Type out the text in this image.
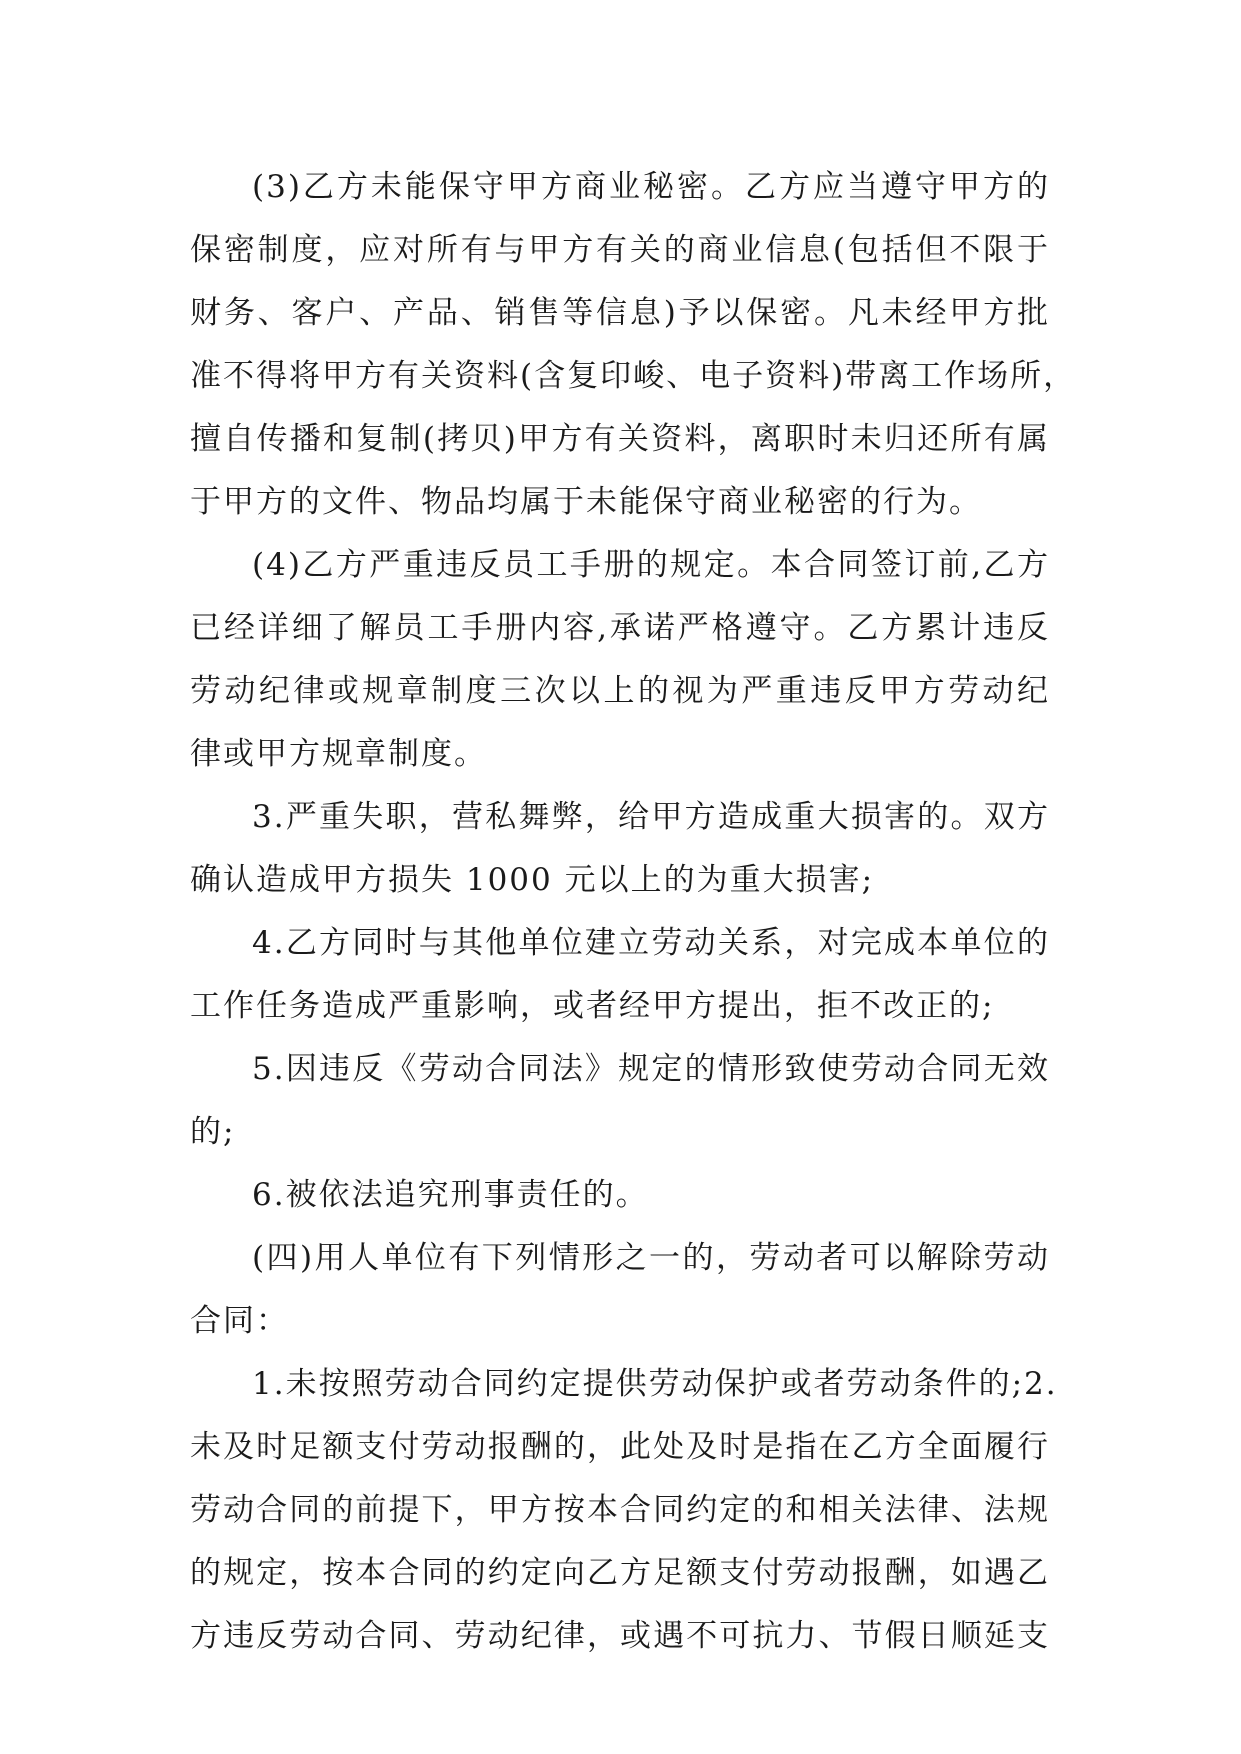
(3)乙方未能保守甲方商业秘密。乙方应当遵守甲方的
保密制度，应对所有与甲方有关的商业信息(包括但不限于
财务、客户、产品、销售等信息)予以保密。凡未经甲方批
准不得将甲方有关资料(含复印峻、电子资料)带离工作场所，
擅自传播和复制(拷贝)甲方有关资料，离职时未归还所有属
于甲方的文件、物品均属于未能保守商业秘密的行为。
(4)乙方严重违反员工手册的规定。本合同签订前,乙方
已经详细了解员工手册内容,承诺严格遵守。乙方累计违反
劳动纪律或规章制度三次以上的视为严重违反甲方劳动纪
律或甲方规章制度。
3.严重失职，营私舞弊，给甲方造成重大损害的。双方
确认造成甲方损失 1000 元以上的为重大损害;
4.乙方同时与其他单位建立劳动关系，对完成本单位的
工作任务造成严重影响，或者经甲方提出，拒不改正的;
5.因违反《劳动合同法》规定的情形致使劳动合同无效
的;
6.被依法追究刑事责任的。
(四)用人单位有下列情形之一的，劳动者可以解除劳动
合同：
1.未按照劳动合同约定提供劳动保护或者劳动条件的;2.
未及时足额支付劳动报酬的，此处及时是指在乙方全面履行
劳动合同的前提下，甲方按本合同约定的和相关法律、法规
的规定，按本合同的约定向乙方足额支付劳动报酬，如遇乙
方违反劳动合同、劳动纪律，或遇不可抗力、节假日顺延支
